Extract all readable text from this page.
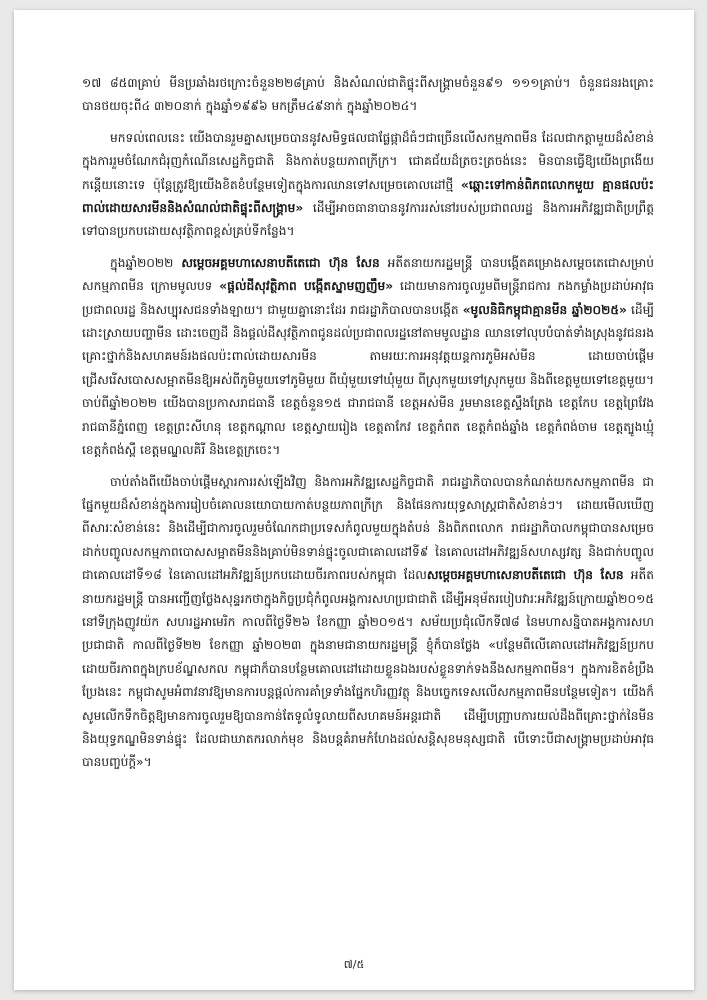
១៧ ៨៥៣គ្រាប់ មីនប្រឆាំងរថក្រោះចំនួន២២៨គ្រាប់ និងសំណល់ជាតិផ្ទុះពីសង្គ្រាមចំនួន៩១ ១១១គ្រាប់។ ចំនួនជនរងគ្រោះបានថយចុះពី៤ ៣២០នាក់ ក្នុងឆ្នាំ១៩៩៦ មកត្រឹម៤៩នាក់ ក្នុងឆ្នាំ២០២៤។

មកទល់ពេលនេះ យើងបានរួមគ្នាសម្រេចបាននូវសមិទ្ធផលជាផ្លែផ្កាដ៏ធំៗជាច្រើនលើសកម្មភាពមីន ដែលជាកត្តាមួយដ៏សំខាន់ក្នុងការរួមចំណែកជំរុញកំណើនសេដ្ឋកិច្ចជាតិ និងកាត់បន្ថយភាពក្រីក្រ។ ជោគជ័យដ៏ត្រចះត្រចង់នេះ មិនបានធ្វើឱ្យយើងព្រងើយកន្តើយនោះទេ ប៉ុន្តែត្រូវឱ្យយើងខិតខំបន្ថែមទៀតក្នុងការឈានទៅសម្រេចគោលដៅថ្មី «ឆ្ពោះទៅកាន់ពិភពលោកមួយ គ្មានផលប៉ះពាល់ដោយសារមីននិងសំណល់ជាតិផ្ទុះពីសង្គ្រាម» ដើម្បីអាចធានាបាននូវការរស់នៅរបស់ប្រជាពលរដ្ឋ និងការអភិវឌ្ឍជាតិប្រព្រឹត្តទៅបានប្រកបដោយសុវត្ថិភាពខ្ពស់គ្រប់ទីកន្លែង។

ក្នុងឆ្នាំ២០២២ សម្តេចអគ្គមហាសេនាបតីតេជោ ហ៊ុន សែន អតីតនាយករដ្ឋមន្ត្រី បានបង្កើតគម្រោងសម្តេចតេជោសម្រាប់សកម្មភាពមីន ក្រោមមូលបទ «ផ្តល់ដីសុវត្ថិភាព បង្កើតស្នាមញញឹម» ដោយមានការចូលរួមពីមន្ត្រីរាជការ កងកម្លាំងប្រដាប់អាវុធ ប្រជាពលរដ្ឋ និងសប្បុរសជនទាំងឡាយ។ ជាមួយគ្នានោះដែរ រាជរដ្ឋាភិបាលបានបង្កើត «មូលនិធិកម្ពុជាគ្មានមីន ឆ្នាំ២០២៥» ដើម្បីដោះស្រាយបញ្ហាមីន ដោះចេញដី និងផ្តល់ដីសុវត្ថិភាពជូនដល់ប្រជាពលរដ្ឋនៅតាមមូលដ្ឋាន ឈានទៅលុបបំបាត់ទាំងស្រុងនូវជនរងគ្រោះថ្នាក់និងសហគមន៍រងផលប៉ះពាល់ដោយសារមីន តាមរយៈការអនុវត្តយន្តការភូមិអស់មីន ដោយចាប់ផ្តើមជ្រើសរើសបោសសម្អាតមីនឱ្យអស់ពីភូមិមួយទៅភូមិមួយ ពីឃុំមួយទៅឃុំមួយ ពីស្រុកមួយទៅស្រុកមួយ និងពីខេត្តមួយទៅខេត្តមួយ។ ចាប់ពីឆ្នាំ២០២២ យើងបានប្រកាសរាជធានី ខេត្តចំនួន១៥ ជារាជធានី ខេត្តអស់មីន រួមមានខេត្តស្ទឹងត្រែង ខេត្តកែប ខេត្តព្រៃវែង រាជធានីភ្នំពេញ ខេត្តព្រះសីហនុ ខេត្តកណ្តាល ខេត្តស្វាយរៀង ខេត្តតាកែវ ខេត្តកំពត ខេត្តកំពង់ឆ្នាំង ខេត្តកំពង់ចាម ខេត្តត្បូងឃ្មុំ ខេត្តកំពង់ស្ពឺ ខេត្តមណ្ឌលគិរី និងខេត្តក្រចេះ។

ចាប់តាំងពីយើងចាប់ផ្តើមស្តារការរស់ឡើងវិញ និងការអភិវឌ្ឍសេដ្ឋកិច្ចជាតិ រាជរដ្ឋាភិបាលបានកំណត់យកសកម្មភាពមីន ជាផ្នែកមួយដ៏សំខាន់ក្នុងការរៀបចំគោលនយោបាយកាត់បន្ថយភាពក្រីក្រ និងផែនការយុទ្ធសាស្ត្រជាតិសំខាន់ៗ។ ដោយមើលឃើញពីសារៈសំខាន់នេះ និងដើម្បីជាការចូលរួមចំណែកជាប្រទេសកំពូលមួយក្នុងតំបន់ និងពិភពលោក រាជរដ្ឋាភិបាលកម្ពុជាបានសម្រេចដាក់បញ្ចូលសកម្មភាពបោសសម្អាតមីននិងគ្រាប់មិនទាន់ផ្ទុះចូលជាគោលដៅទី៩ នៃគោលដៅអភិវឌ្ឍន៍សហស្សវត្ស និងជាក់បញ្ចូលជាគោលដៅទី១៨ នៃគោលដៅអភិវឌ្ឍន៍ប្រកបដោយចីរភាពរបស់កម្ពុជា ដែលសម្តេចអគ្គមហាសេនាបតីតេជោ ហ៊ុន សែន អតីតនាយករដ្ឋមន្ត្រី បានអញ្ជើញថ្លែងសុន្ទរកថាក្នុងកិច្ចប្រជុំកំពូលអង្គការសហប្រជាជាតិ ដើម្បីអនុម័តរបៀបវារៈអភិវឌ្ឍន៍ក្រោយឆ្នាំ២០១៥ នៅទីក្រុងញូវយ៉ក សហរដ្ឋអាមេរិក កាលពីថ្ងៃទី២៦ ខែកញ្ញា ឆ្នាំ២០១៥។ សម័យប្រជុំលើកទី៧៨ នៃមហាសន្និបាតអង្គការសហប្រជាជាតិ កាលពីថ្ងៃទី២២ ខែកញ្ញា ឆ្នាំ២០២៣ ក្នុងនាមជានាយករដ្ឋមន្ត្រី ខ្ញុំក៏បានថ្លែង «បន្ថែមពីលើគោលដៅអភិវឌ្ឍន៍ប្រកបដោយចីរភាពក្នុងក្របខ័ណ្ឌសកល កម្ពុជាក៏បានបន្ថែមគោលដៅដោយខ្លួនឯងរបស់ខ្លួនទាក់ទងនឹងសកម្មភាពមីន។ ក្នុងការខិតខំប្រឹងប្រែងនេះ កម្ពុជាសូមអំពាវនាវឱ្យមានការបន្តផ្តល់ការគាំទ្រទាំងផ្នែកហិរញ្ញវត្ថុ និងបច្ចេកទេសលើសកម្មភាពមីនបន្ថែមទៀត។ យើងក៏សូមលើកទឹកចិត្តឱ្យមានការចូលរួមឱ្យបានកាន់តែទូលំទូលាយពីសហគមន៍អន្តរជាតិ ដើម្បីបញ្ជ្រាបការយល់ដឹងពីគ្រោះថ្នាក់នៃមីន និងយុទ្ធភណ្ឌមិនទាន់ផ្ទុះ ដែលជាឃាតករលាក់មុខ និងបន្តគំរាមកំហែងដល់សន្តិសុខមនុស្សជាតិ បើទោះបីជាសង្គ្រាមប្រដាប់អាវុធបានបញ្ចប់ក្តី»។

៧/៥
